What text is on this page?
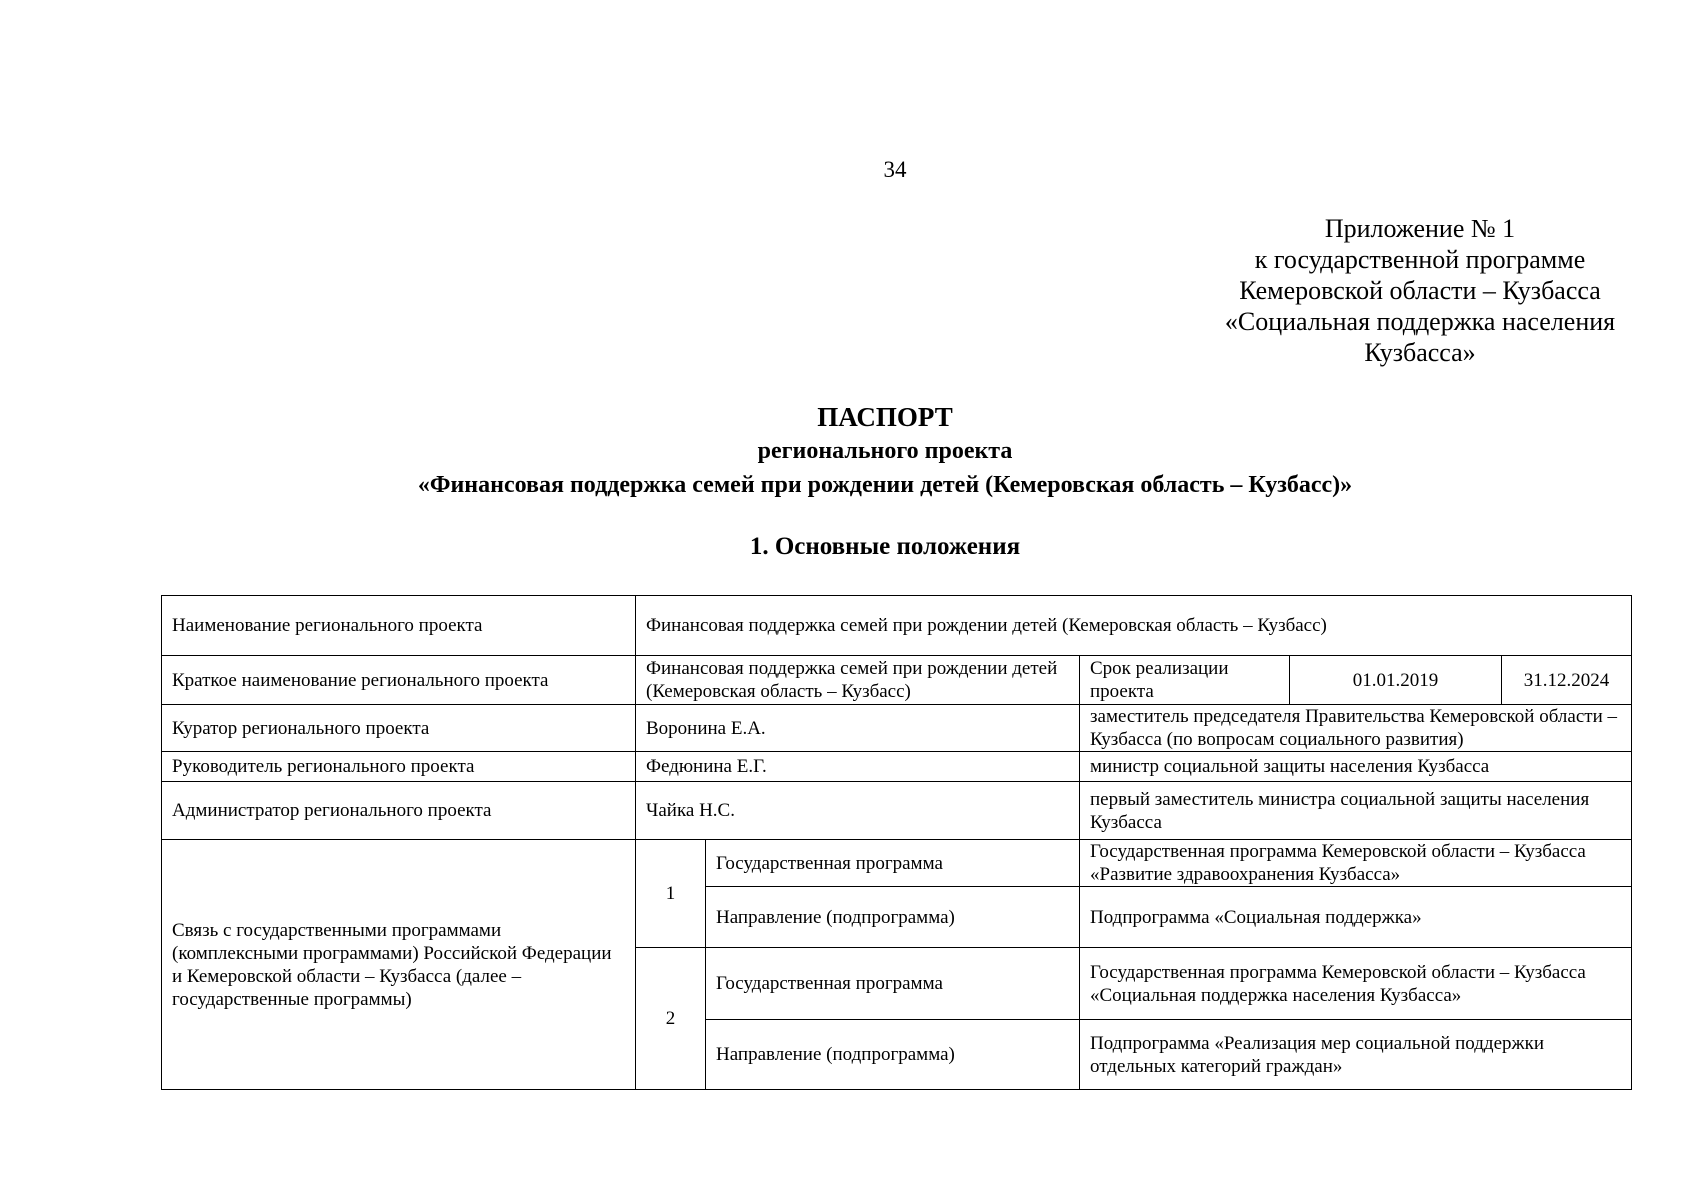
34
Приложение № 1
к государственной программе
Кемеровской области – Кузбасса
«Социальная поддержка населения
Кузбасса»
ПАСПОРТ
регионального проекта
«Финансовая поддержка семей при рождении детей (Кемеровская область – Кузбасс)»
1. Основные положения
Наименование регионального проекта	Финансовая поддержка семей при рождении детей (Кемеровская область – Кузбасс)				
Краткое наименование регионального проекта	Финансовая поддержка семей при рождении детей (Кемеровская область – Кузбасс)		Срок реализации проекта	01.01.2019	31.12.2024
Куратор регионального проекта	Воронина Е.А.		заместитель председателя Правительства Кемеровской области – Кузбасса (по вопросам социального развития)		
Руководитель регионального проекта	Федюнина Е.Г.		министр социальной защиты населения Кузбасса		
Администратор регионального проекта	Чайка Н.С.		первый заместитель министра социальной защиты населения Кузбасса		
Связь с государственными программами (комплексными программами) Российской Федерации и Кемеровской области – Кузбасса (далее – государственные программы)	1	Государственная программа	Государственная программа Кемеровской области – Кузбасса «Развитие здравоохранения Кузбасса»		
		Направление (подпрограмма)	Подпрограмма «Социальная поддержка»		
	2	Государственная программа	Государственная программа Кемеровской области – Кузбасса «Социальная поддержка населения Кузбасса»		
		Направление (подпрограмма)	Подпрограмма «Реализация мер социальной поддержки отдельных категорий граждан»		
